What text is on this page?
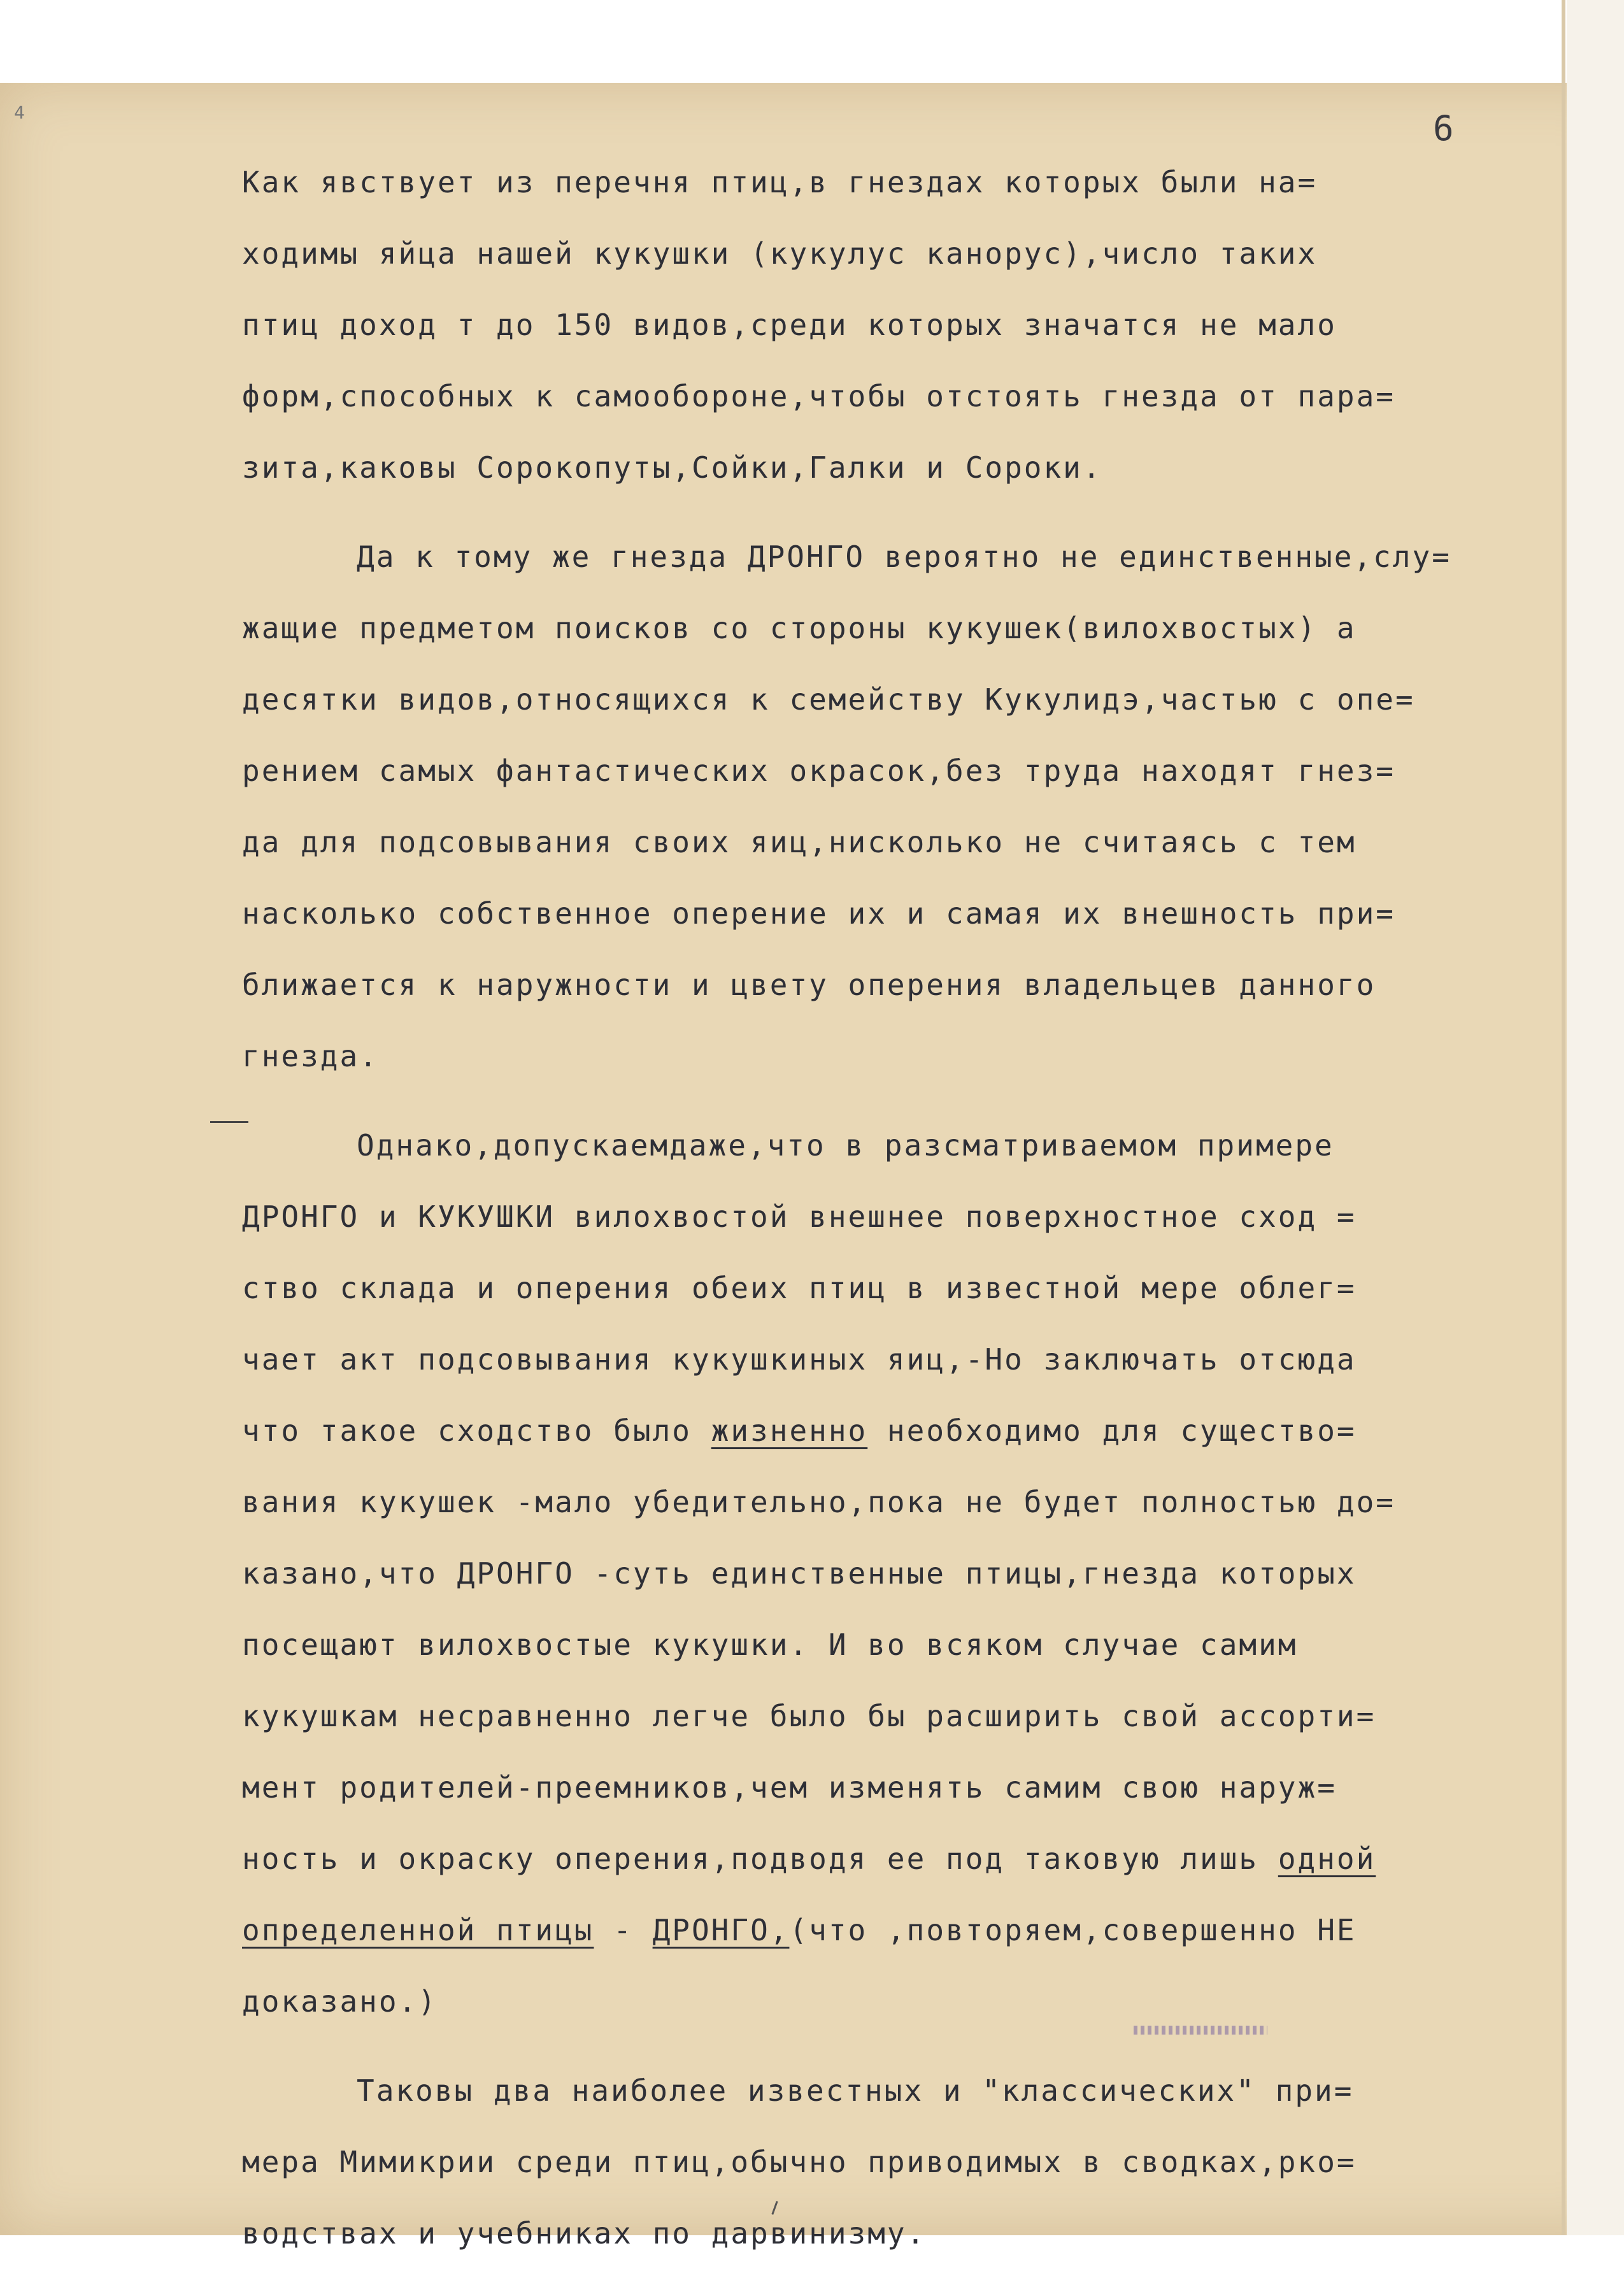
4	6
Как явствует из перечня птиц,в гнездах которых были на=
ходимы яйца нашей кукушки (кукулус канорус),число таких
птиц доход т до 150 видов,среди которых значатся не мало
форм,способных к самообороне,чтобы отстоять гнезда от пара=
зита,каковы Сорокопуты,Сойки,Галки и Сороки.
Да к тому же гнезда ДРОНГО вероятно не единственные,слу=
жащие предметом поисков со стороны кукушек(вилохвостых) а
десятки видов,относящихся к семейству Кукулидэ,частью с опе=
рением самых фантастических окрасок,без труда находят гнез=
да для подсовывания своих яиц,нисколько не считаясь с тем
насколько собственное оперение их и самая их внешность при=
ближается к наружности и цвету оперения владельцев данного
гнезда.
Однако,допускаемдаже,что в разсматриваемом примере
ДРОНГО и КУКУШКИ вилохвостой внешнее поверхностное сход =
ство склада и оперения обеих птиц в известной мере облег=
чает акт подсовывания кукушкиных яиц,-Но заключать отсюда
что такое сходство было жизненно необходимо для существо=
вания кукушек -мало убедительно,пока не будет полностью до=
казано,что ДРОНГО -суть единственные птицы,гнезда которых
посещают вилохвостые кукушки. И во всяком случае самим
кукушкам несравненно легче было бы расширить свой ассорти=
мент родителей-преемников,чем изменять самим свою наруж=
ность и окраску оперения,подводя ее под таковую лишь одной
определенной птицы - ДРОНГО,(что ,повторяем,совершенно НЕ
доказано.)
Таковы два наиболее известных и "классических" при=
мера Мимикрии среди птиц,обычно приводимых в сводках,рко=
водствах и учебниках по дарвинизму.
